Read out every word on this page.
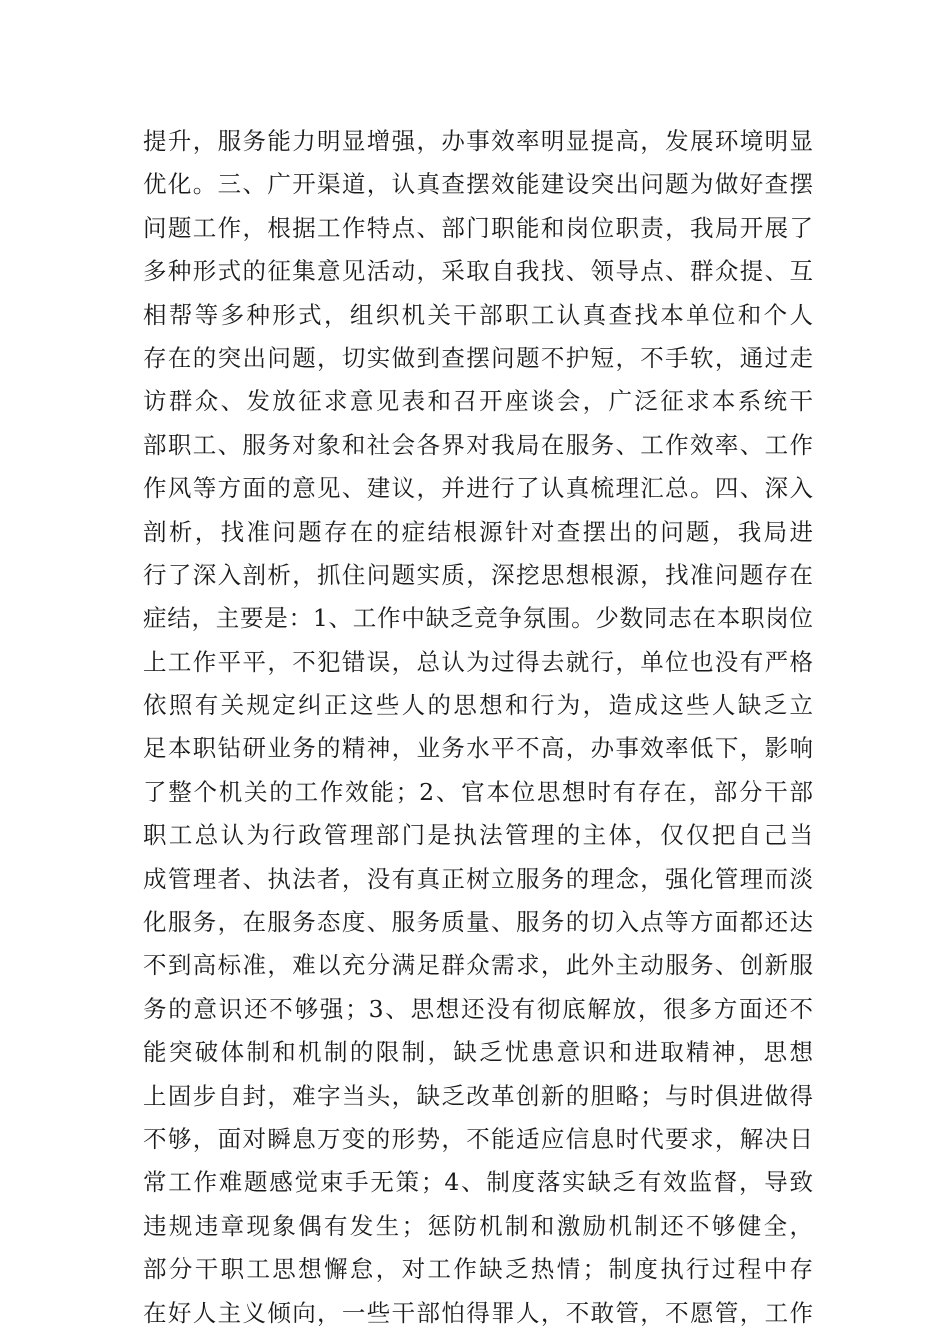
提升，服务能力明显增强，办事效率明显提高，发展环境明显
优化。三、广开渠道，认真查摆效能建设突出问题为做好查摆
问题工作，根据工作特点、部门职能和岗位职责，我局开展了
多种形式的征集意见活动，采取自我找、领导点、群众提、互
相帮等多种形式，组织机关干部职工认真查找本单位和个人
存在的突出问题，切实做到查摆问题不护短，不手软，通过走
访群众、发放征求意见表和召开座谈会，广泛征求本系统干
部职工、服务对象和社会各界对我局在服务、工作效率、工作
作风等方面的意见、建议，并进行了认真梳理汇总。四、深入
剖析，找准问题存在的症结根源针对查摆出的问题，我局进
行了深入剖析，抓住问题实质，深挖思想根源，找准问题存在
症结，主要是：1、工作中缺乏竞争氛围。少数同志在本职岗位
上工作平平，不犯错误，总认为过得去就行，单位也没有严格
依照有关规定纠正这些人的思想和行为，造成这些人缺乏立
足本职钻研业务的精神，业务水平不高，办事效率低下，影响
了整个机关的工作效能；2、官本位思想时有存在，部分干部
职工总认为行政管理部门是执法管理的主体，仅仅把自己当
成管理者、执法者，没有真正树立服务的理念，强化管理而淡
化服务，在服务态度、服务质量、服务的切入点等方面都还达
不到高标准，难以充分满足群众需求，此外主动服务、创新服
务的意识还不够强；3、思想还没有彻底解放，很多方面还不
能突破体制和机制的限制，缺乏忧患意识和进取精神，思想
上固步自封，难字当头，缺乏改革创新的胆略；与时俱进做得
不够，面对瞬息万变的形势，不能适应信息时代要求，解决日
常工作难题感觉束手无策；4、制度落实缺乏有效监督，导致
违规违章现象偶有发生；惩防机制和激励机制还不够健全，
部分干职工思想懈怠，对工作缺乏热情；制度执行过程中存
在好人主义倾向，一些干部怕得罪人，不敢管，不愿管，工作
